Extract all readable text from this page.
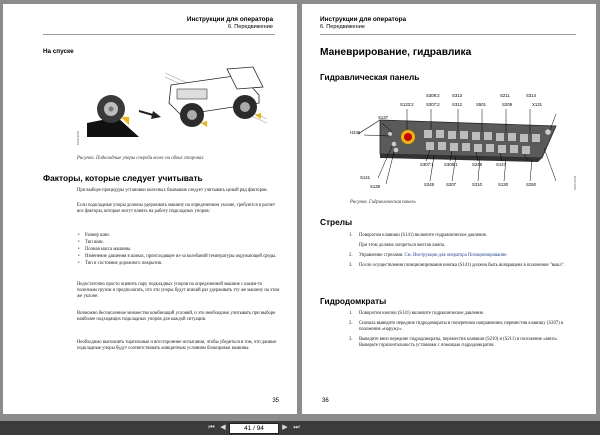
Инструкции для оператора
6. Передвижение
На спуске
1005 6035
Рисунок. Подкладные упоры спереди колес на обеих сторонах
Факторы, которые следует учитывать
При выборе процедуры установки колесных башмаков следует учитывать целый ряд факторов.
Если подкладные упоры должны удерживать машину на определенном уклоне, требуются в расчет все факторы, которые могут влиять на работу подкладных упоров:
• Размер шин.
• Тип шин.
• Полная масса машины.
• Изменение давления в шинах, происходящее из-за колебаний температуры окружающей среды.
• Тип и состояние дорожного покрытия.
Недостаточно просто оценить пару подкладных упоров на определенной машине с каким-то полезным грузом и предполагать, что эти упоры будут всякий раз удерживать эту же машину на этом же уклоне.
Возможно бесчисленное множество комбинаций условий, и это необходимо учитывать при выборе наиболее подходящих подкладных упоров для каждой ситуации.
Необходимо выполнять тщательные и всесторонние испытания, чтобы убедиться в том, что данные подкладные упоры будут соответствовать конкретным условиям блокировки машины.
35
Инструкции для оператора
6. Передвижение
Маневрирование, гидравлика
Гидравлическая панель
1005 6034
S308:2	S313	S211	S314
S133:2	S307:2	S312	S501	S209	X131
S137
H245
S307:1 S308:1	S248	S147
S141
S139	S249	S207	S210	S130	S250
Рисунок. Гидравлическая панель
Стрелы
1. Поворотом клавиши (S141) включите гидравлическое давление.
При этом должна загореться желтая лампа.
2. Управление стрелами. См. Инструкции для оператора Позиционирование.
3. После осуществления позиционирования кнопка (S141) должна быть возвращена в положение "выкл".
Гидродомкраты
1. Поворотом кнопки (S141) включите гидравлическое давление.
2. Сначала выведите передние гидродомкраты в поперечном направлении, переместив клавишу (S207) в положение «наружу».
3. Выведите вниз передние гидродомкраты, переместив клавиши (S210) и (S211) в положение «вниз». Выверьте горизонтальность установки с помощью гидродомкратов.
36
⏮ ◀	41 / 94	▶ ⏭
